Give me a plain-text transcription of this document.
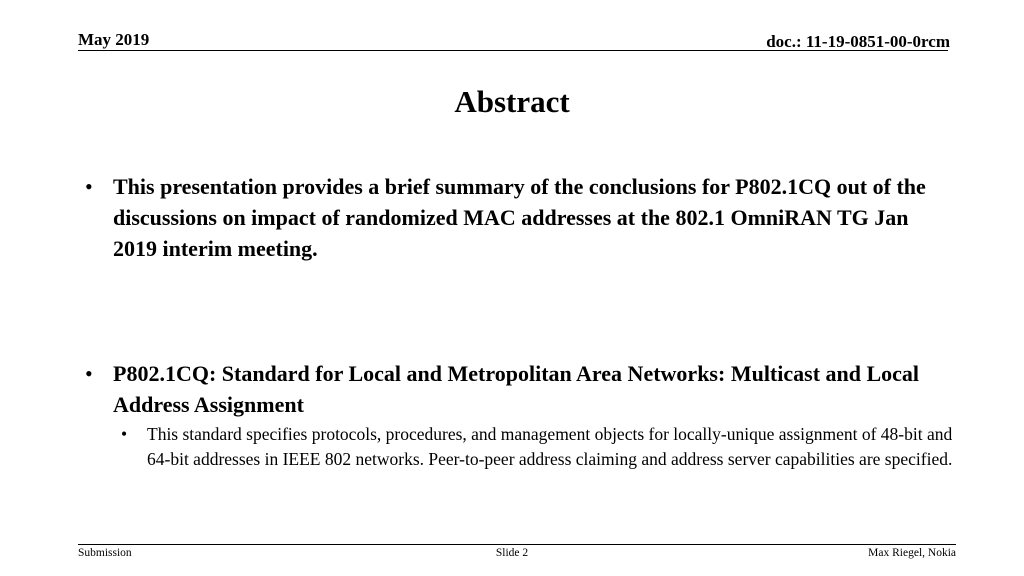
May 2019	doc.: 11-19-0851-00-0rcm
Abstract
• This presentation provides a brief summary of the conclusions for P802.1CQ out of the discussions on impact of randomized MAC addresses at the 802.1 OmniRAN TG Jan 2019 interim meeting.
• P802.1CQ: Standard for Local and Metropolitan Area Networks: Multicast and Local Address Assignment
• This standard specifies protocols, procedures, and management objects for locally-unique assignment of 48-bit and 64-bit addresses in IEEE 802 networks. Peer-to-peer address claiming and address server capabilities are specified.
Submission	Slide 2	Max Riegel, Nokia
